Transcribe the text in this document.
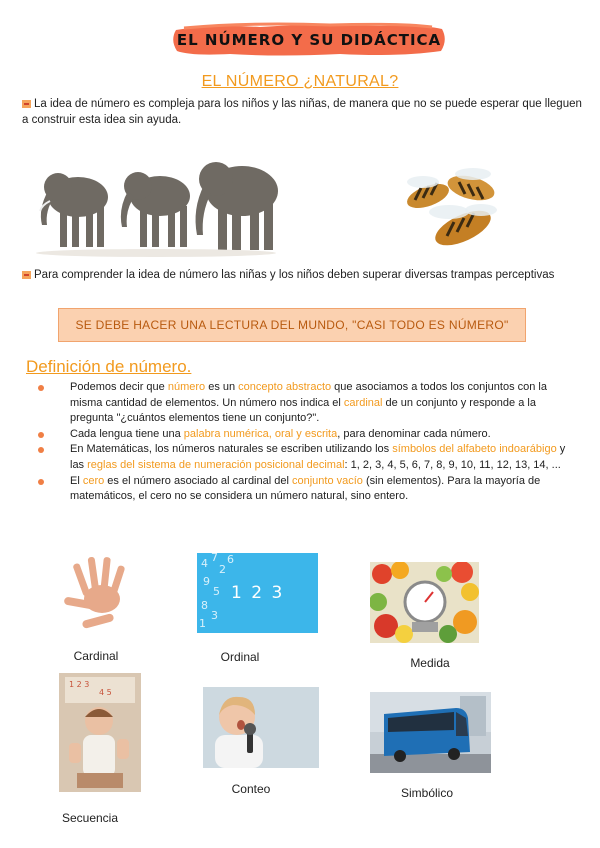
EL NÚMERO Y SU DIDÁCTICA
EL NÚMERO ¿NATURAL?
La idea de número es compleja para los niños y las niñas, de manera que no se puede esperar que lleguen a construir esta idea sin ayuda.
Para comprender la idea de número las niñas y los niños deben superar diversas trampas perceptivas
SE DEBE HACER UNA LECTURA DEL MUNDO, "CASI TODO ES NÚMERO"
Definición de número.
Podemos decir que número es un concepto abstracto que asociamos a todos los conjuntos con la misma cantidad de elementos. Un número nos indica el cardinal de un conjunto y responde a la pregunta "¿cuántos elementos tiene un conjunto?".
Cada lengua tiene una palabra numérica, oral y escrita, para denominar cada número.
En Matemáticas, los números naturales se escriben utilizando los símbolos del alfabeto indoarábigo y las reglas del sistema de numeración posicional decimal: 1, 2, 3, 4, 5, 6, 7, 8, 9, 10, 11, 12, 13, 14, ...
El cero es el número asociado al cardinal del conjunto vacío (sin elementos). Para la mayoría de matemáticos, el cero no se considera un número natural, sino entero.
Cardinal
4 7
2
9
5
8
3
6
1
1 2 3
Ordinal	Medida
1 2 3
4 5
Secuencia
Conteo	Simbólico
